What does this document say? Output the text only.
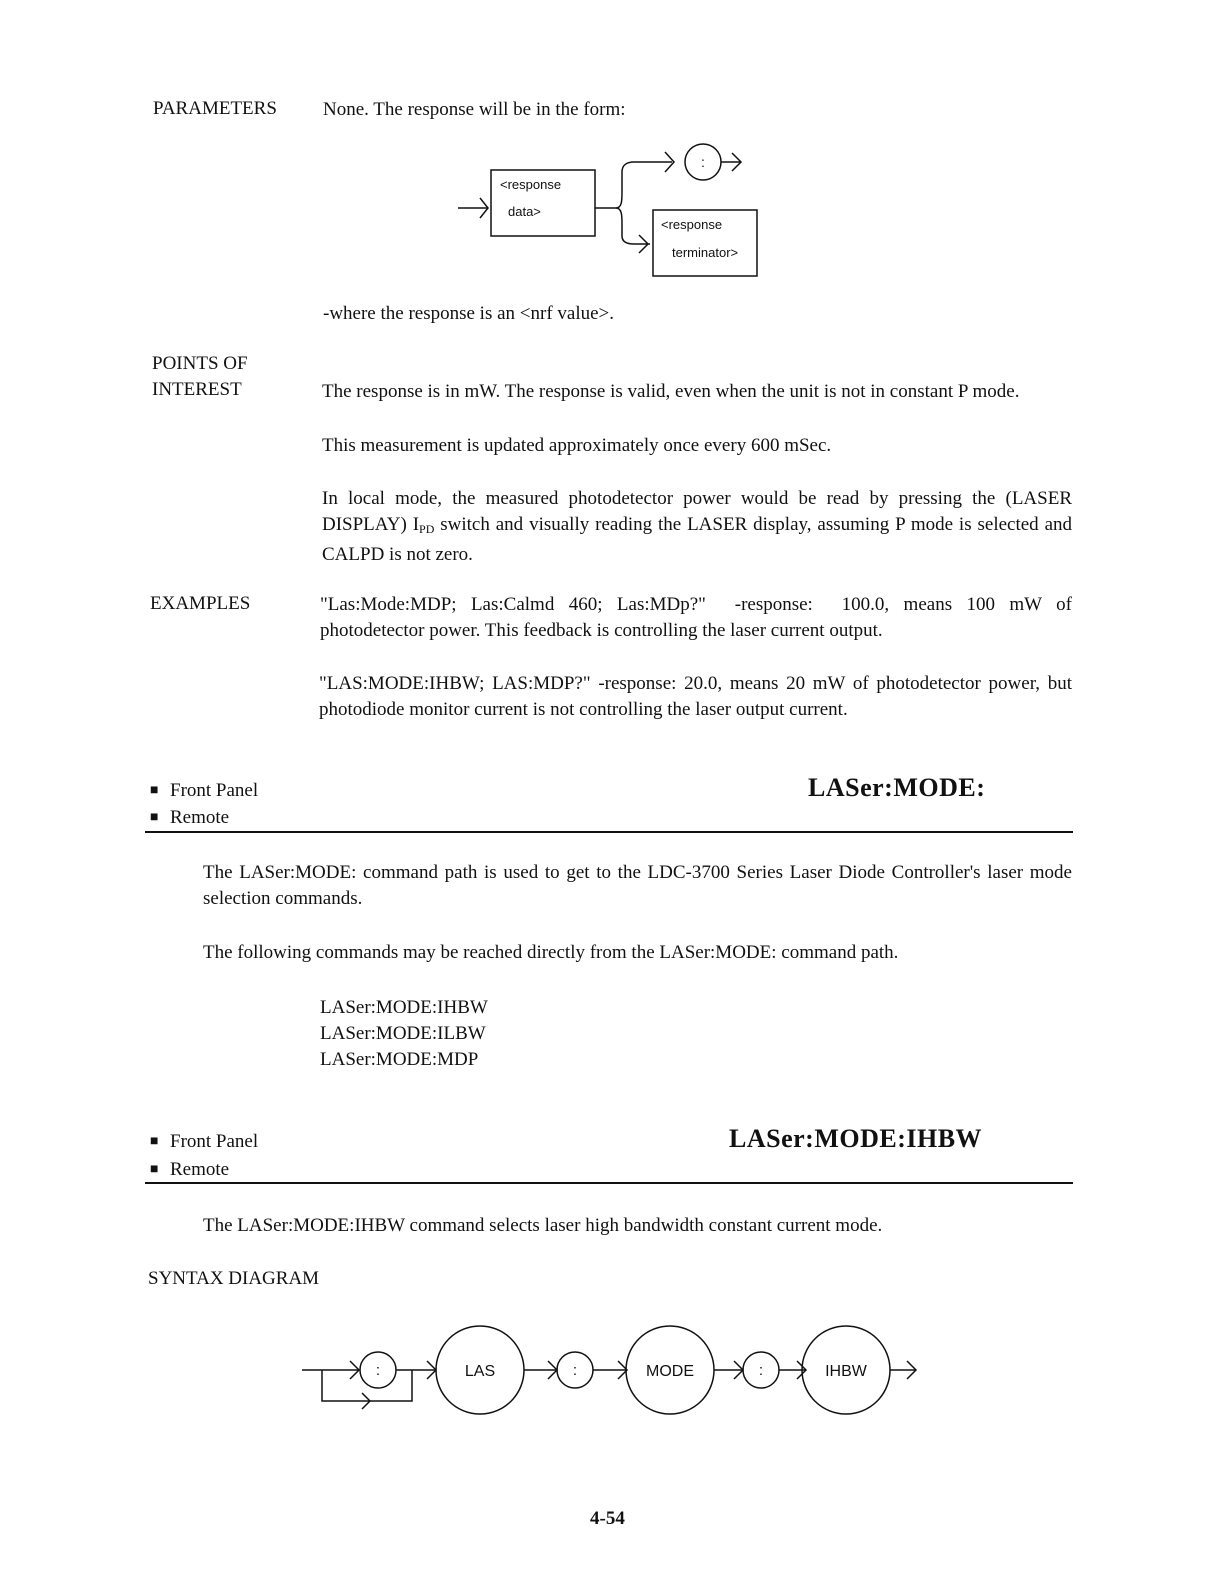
PARAMETERS None. The response will be in the form:
<response
data>
:
<response
terminator>
-where the response is an <nrf value>.
POINTS OF
INTEREST	The response is in mW. The response is valid, even when the unit is not in constant P mode.
This measurement is updated approximately once every 600 mSec.
In local mode, the measured photodetector power would be read by pressing the (LASER DISPLAY) $I_{PD}$ switch and visually reading the LASER display, assuming P mode is selected and CALPD is not zero.
EXAMPLES	"Las:Mode:MDP; Las:Calmd 460; Las:MDp?"  -response:  100.0, means 100 mW of photodetector power. This feedback is controlling the laser current output.
"LAS:MODE:IHBW; LAS:MDP?" -response: 20.0, means 20 mW of photodetector power, but photodiode monitor current is not controlling the laser output current.
■ Front Panel
■ Remote
LASer:MODE:
The LASer:MODE: command path is used to get to the LDC-3700 Series Laser Diode Controller's laser mode selection commands.
The following commands may be reached directly from the LASer:MODE: command path.
LASer:MODE:IHBW
LASer:MODE:ILBW
LASer:MODE:MDP
■ Front Panel
■ Remote
LASer:MODE:IHBW
The LASer:MODE:IHBW command selects laser high bandwidth constant current mode.
SYNTAX DIAGRAM
:	LAS	:	MODE	:	IHBW
4-54
